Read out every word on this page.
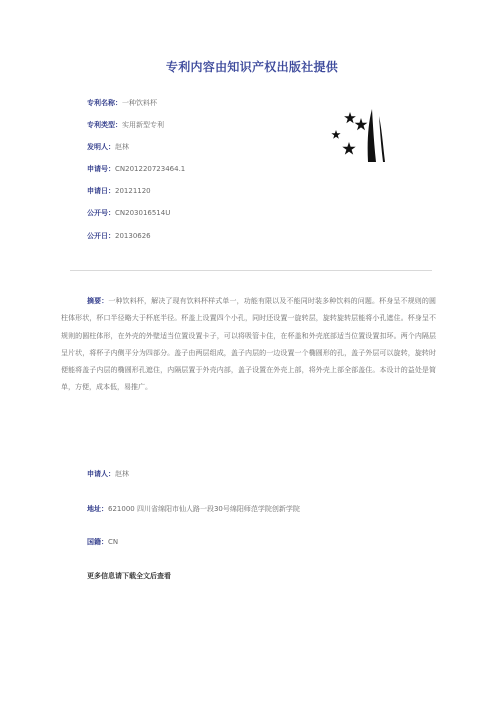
专利内容由知识产权出版社提供
专利名称：一种饮料杯
专利类型：实用新型专利
发明人：赵林
申请号：CN201220723464.1
申请日：20121120
公开号：CN203016514U
公开日：20130626
摘要：一种饮料杯，解决了现有饮料杯样式单一，功能有限以及不能同时装多种饮料的问题。杯身呈不规则的圆柱体形状，杯口半径略大于杯底半径。杯盖上设置四个小孔，同时还设置一旋转层，旋转旋转层能将小孔遮住。杯身呈不规则的圆柱体形，在外壳的外壁适当位置设置卡子，可以将吸管卡住，在杯盖和外壳底部适当位置设置扣环。两个内隔层呈片状，将杯子内侧平分为四部分。盖子由两层组成，盖子内层的一边设置一个椭圆形的孔，盖子外层可以旋转，旋转时便能将盖子内层的椭圆形孔遮住，内隔层置于外壳内部，盖子设置在外壳上部，将外壳上部全部盖住。本设计的益处是简单，方便，成本低，易推广。
申请人：赵林
地址：621000 四川省绵阳市仙人路一段30号绵阳师范学院创新学院
国籍：CN
更多信息请下载全文后查看
